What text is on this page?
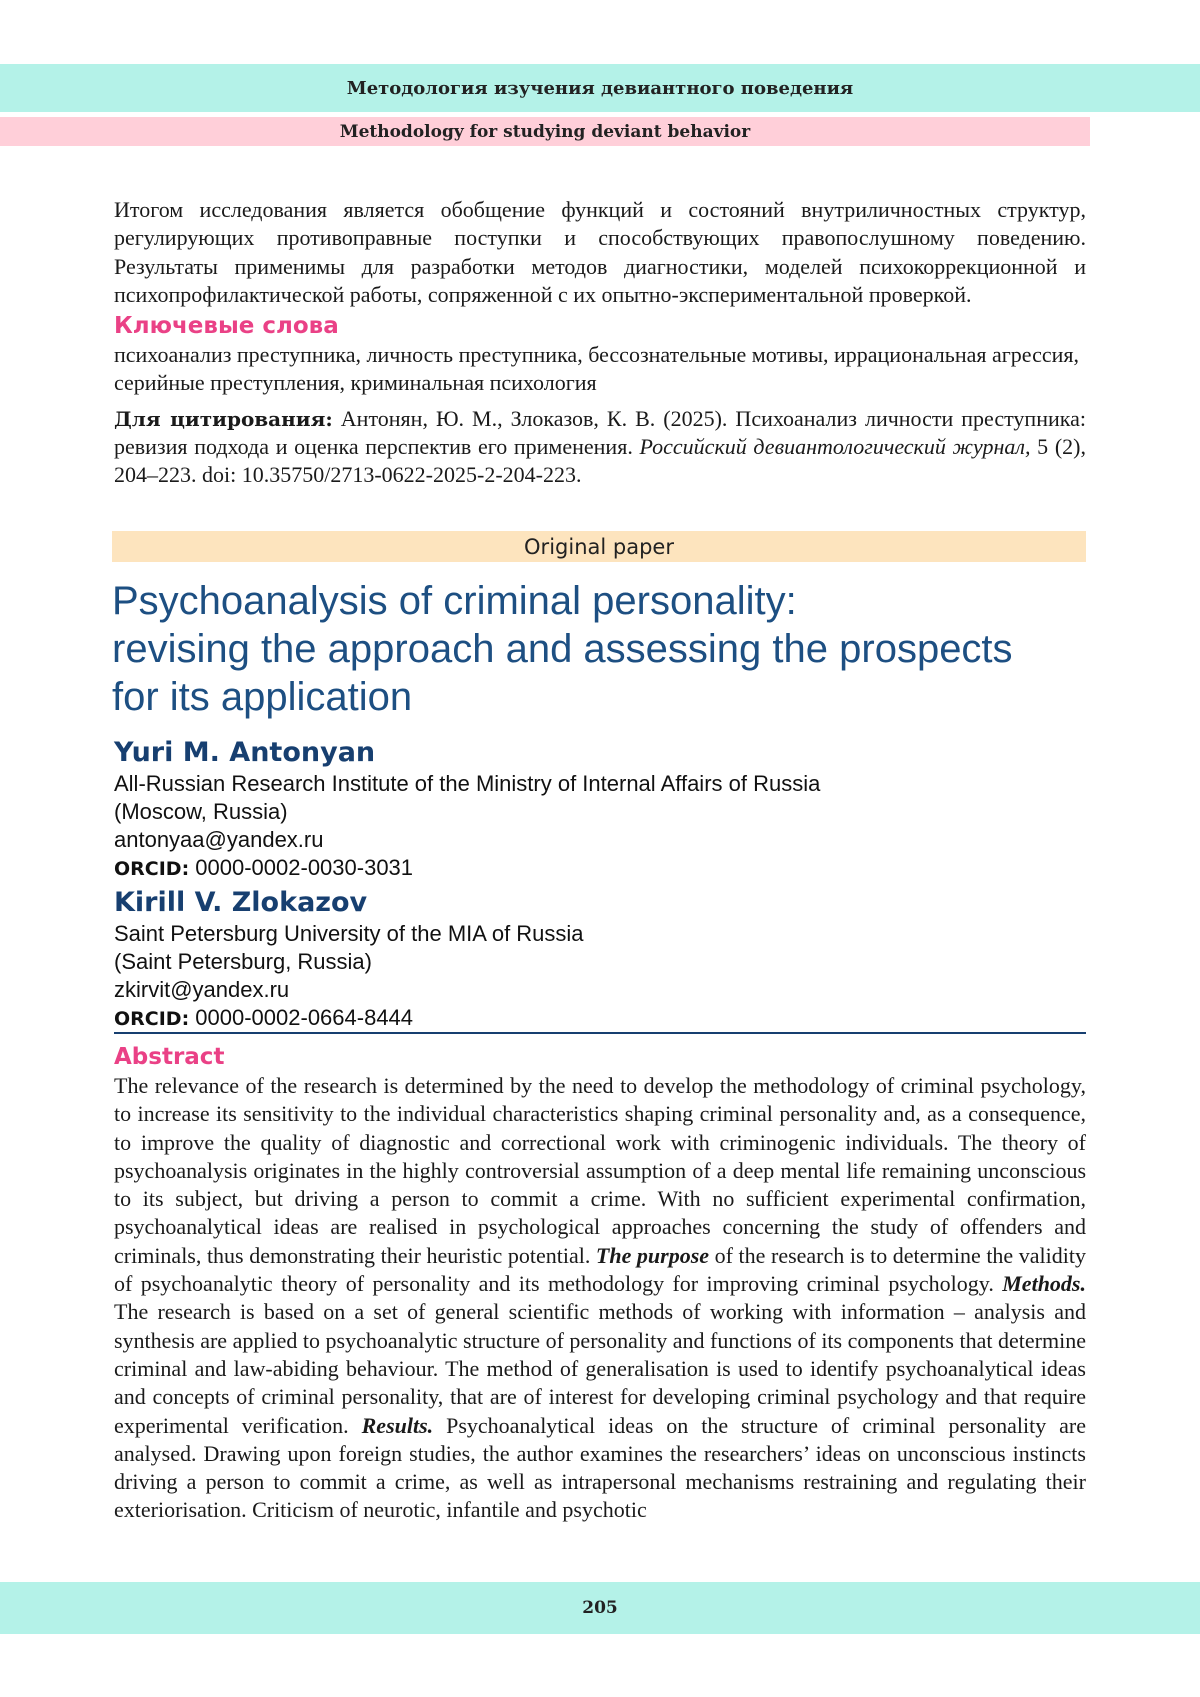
Методология изучения девиантного поведения
Methodology for studying deviant behavior

Итогом исследования является обобщение функций и состояний внутриличностных структур, регулирующих противоправные поступки и способствующих правопослушному поведению. Результаты применимы для разработки методов диагностики, моделей психокоррекционной и психопрофилактической работы, сопряженной с их опытно-экспериментальной проверкой.

Ключевые слова

психоанализ преступника, личность преступника, бессознательные мотивы, иррациональная агрессия, серийные преступления, криминальная психология

Для цитирования: Антонян, Ю. М., Злоказов, К. В. (2025). Психоанализ личности преступника: ревизия подхода и оценка перспектив его применения. Российский девиантологический журнал, 5 (2), 204–223. doi: 10.35750/2713-0622-2025-2-204-223.

Original paper
Psychoanalysis of criminal personality:
revising the approach and assessing the prospects
for its application

Yuri M. Antonyan

All-Russian Research Institute of the Ministry of Internal Affairs of Russia

(Moscow, Russia)

antonyaa@yandex.ru

ORCID: 0000-0002-0030-3031

Kirill V. Zlokazov

Saint Petersburg University of the MIA of Russia

(Saint Petersburg, Russia)

zkirvit@yandex.ru

ORCID: 0000-0002-0664-8444

Abstract

The relevance of the research is determined by the need to develop the methodology of criminal psychology, to increase its sensitivity to the individual characteristics shaping criminal personality and, as a consequence, to improve the quality of diagnostic and correctional work with criminogenic individuals. The theory of psychoanalysis originates in the highly controversial assumption of a deep mental life remaining unconscious to its subject, but driving a person to commit a crime. With no sufficient experimental confirmation, psychoanalytical ideas are realised in psychological approaches concerning the study of offenders and criminals, thus demonstrating their heuristic potential. The purpose of the research is to determine the validity of psychoanalytic theory of personality and its methodology for improving criminal psychology. Methods. The research is based on a set of general scientific methods of working with information – analysis and synthesis are applied to psychoanalytic structure of personality and functions of its components that determine criminal and law-abiding behaviour. The method of generalisation is used to identify psychoanalytical ideas and concepts of criminal personality, that are of interest for developing criminal psychology and that require experimental verification. Results. Psychoanalytical ideas on the structure of criminal personality are analysed. Drawing upon foreign studies, the author examines the researchers’ ideas on unconscious instincts driving a person to commit a crime, as well as intrapersonal mechanisms restraining and regulating their exteriorisation. Criticism of neurotic, infantile and psychotic

205
